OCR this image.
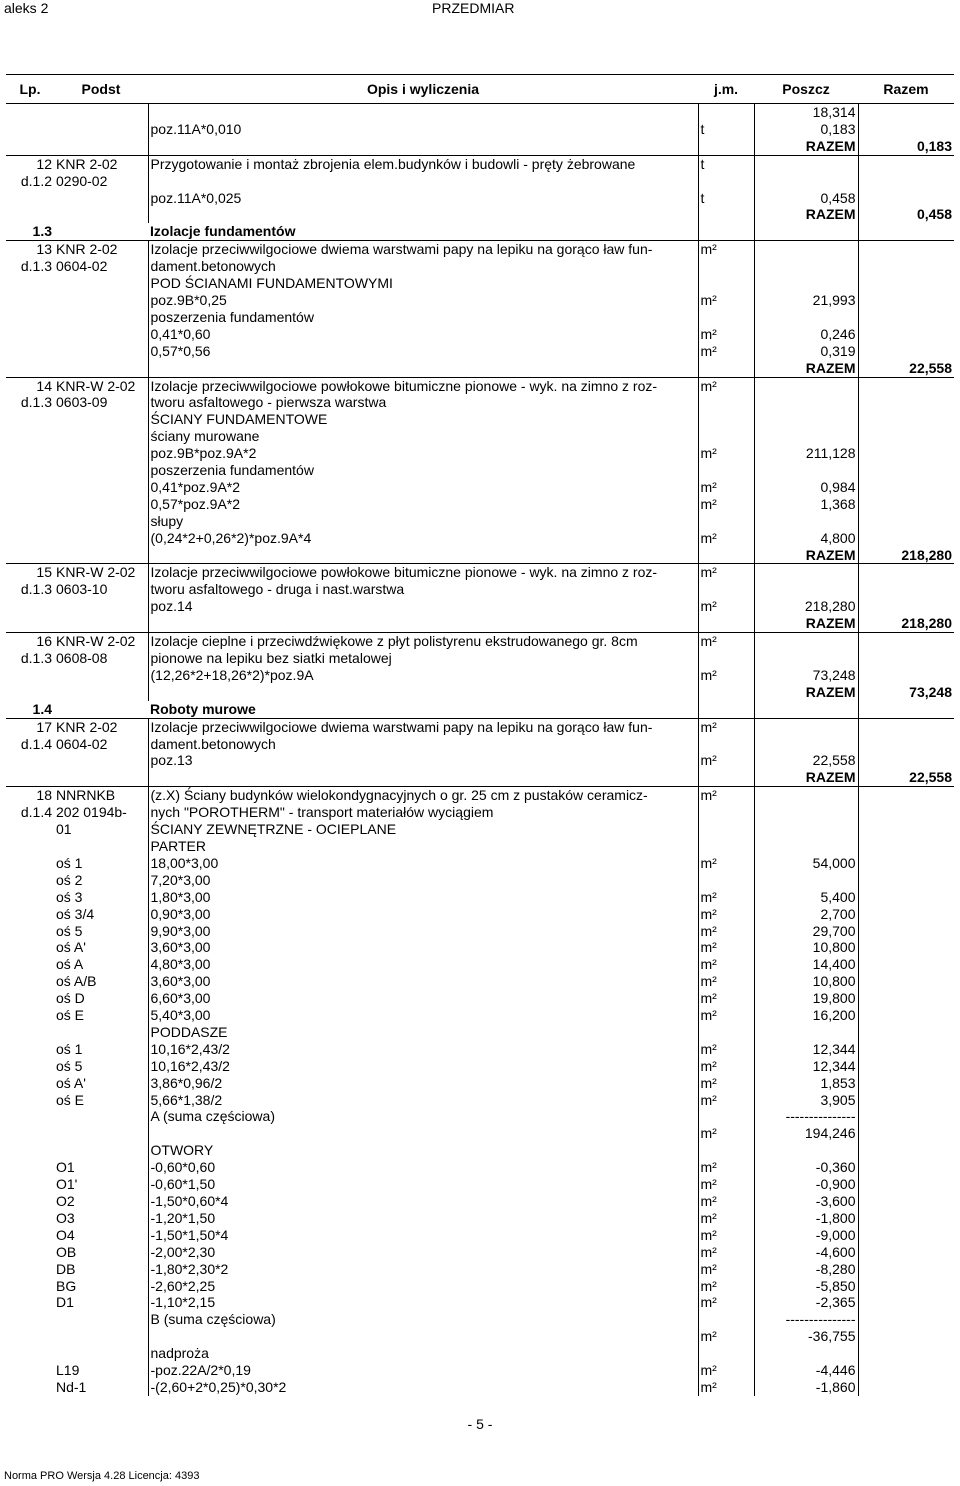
aleks 2	PRZEDMIAR
Lp.	Podst	Opis i wyliczenia	j.m.	Poszcz	Razem
				18,314	
		poz.11A*0,010	t	0,183	
				RAZEM	0,183
12	KNR 2-02	Przygotowanie i montaż zbrojenia elem.budynków i budowli - pręty żebrowane	t		
d.1.2	0290-02				
		poz.11A*0,025	t	0,458	
				RAZEM	0,458
1.3		Izolacje fundamentów			
13	KNR 2-02	Izolacje przeciwwilgociowe dwiema warstwami papy na lepiku na gorąco ław fun-	m²		
d.1.3	0604-02	dament.betonowych			
		POD ŚCIANAMI FUNDAMENTOWYMI			
		poz.9B*0,25	m²	21,993	
		poszerzenia fundamentów			
		0,41*0,60	m²	0,246	
		0,57*0,56	m²	0,319	
				RAZEM	22,558
14	KNR-W 2-02	Izolacje przeciwwilgociowe powłokowe bitumiczne pionowe - wyk. na zimno z roz-	m²		
d.1.3	0603-09	tworu asfaltowego - pierwsza warstwa			
		ŚCIANY FUNDAMENTOWE			
		ściany murowane			
		poz.9B*poz.9A*2	m²	211,128	
		poszerzenia fundamentów			
		0,41*poz.9A*2	m²	0,984	
		0,57*poz.9A*2	m²	1,368	
		słupy			
		(0,24*2+0,26*2)*poz.9A*4	m²	4,800	
				RAZEM	218,280
15	KNR-W 2-02	Izolacje przeciwwilgociowe powłokowe bitumiczne pionowe - wyk. na zimno z roz-	m²		
d.1.3	0603-10	tworu asfaltowego - druga i nast.warstwa			
		poz.14	m²	218,280	
				RAZEM	218,280
16	KNR-W 2-02	Izolacje cieplne i przeciwdźwiękowe z płyt polistyrenu ekstrudowanego gr. 8cm	m²		
d.1.3	0608-08	pionowe na lepiku bez siatki metalowej			
		(12,26*2+18,26*2)*poz.9A	m²	73,248	
				RAZEM	73,248
1.4		Roboty murowe			
17	KNR 2-02	Izolacje przeciwwilgociowe dwiema warstwami papy na lepiku na gorąco ław fun-	m²		
d.1.4	0604-02	dament.betonowych			
		poz.13	m²	22,558	
				RAZEM	22,558
18	NNRNKB	(z.X) Ściany budynków wielokondygnacyjnych o gr. 25 cm z pustaków ceramicz-	m²		
d.1.4	202 0194b-	nych "POROTHERM" - transport materiałów wyciągiem			
	01	ŚCIANY ZEWNĘTRZNE - OCIEPLANE			
		PARTER			
	oś 1	18,00*3,00	m²	54,000	
	oś 2	7,20*3,00			
	oś 3	1,80*3,00	m²	5,400	
	oś 3/4	0,90*3,00	m²	2,700	
	oś 5	9,90*3,00	m²	29,700	
	oś A'	3,60*3,00	m²	10,800	
	oś A	4,80*3,00	m²	14,400	
	oś A/B	3,60*3,00	m²	10,800	
	oś D	6,60*3,00	m²	19,800	
	oś E	5,40*3,00	m²	16,200	
		PODDASZE			
	oś 1	10,16*2,43/2	m²	12,344	
	oś 5	10,16*2,43/2	m²	12,344	
	oś A'	3,86*0,96/2	m²	1,853	
	oś E	5,66*1,38/2	m²	3,905	
		A (suma częściowa)		---------------	
			m²	194,246	
		OTWORY			
	O1	-0,60*0,60	m²	-0,360	
	O1'	-0,60*1,50	m²	-0,900	
	O2	-1,50*0,60*4	m²	-3,600	
	O3	-1,20*1,50	m²	-1,800	
	O4	-1,50*1,50*4	m²	-9,000	
	OB	-2,00*2,30	m²	-4,600	
	DB	-1,80*2,30*2	m²	-8,280	
	BG	-2,60*2,25	m²	-5,850	
	D1	-1,10*2,15	m²	-2,365	
		B (suma częściowa)		---------------	
			m²	-36,755	
		nadproża			
	L19	-poz.22A/2*0,19	m²	-4,446	
	Nd-1	-(2,60+2*0,25)*0,30*2	m²	-1,860	
- 5 -
Norma PRO Wersja 4.28 Licencja: 4393
